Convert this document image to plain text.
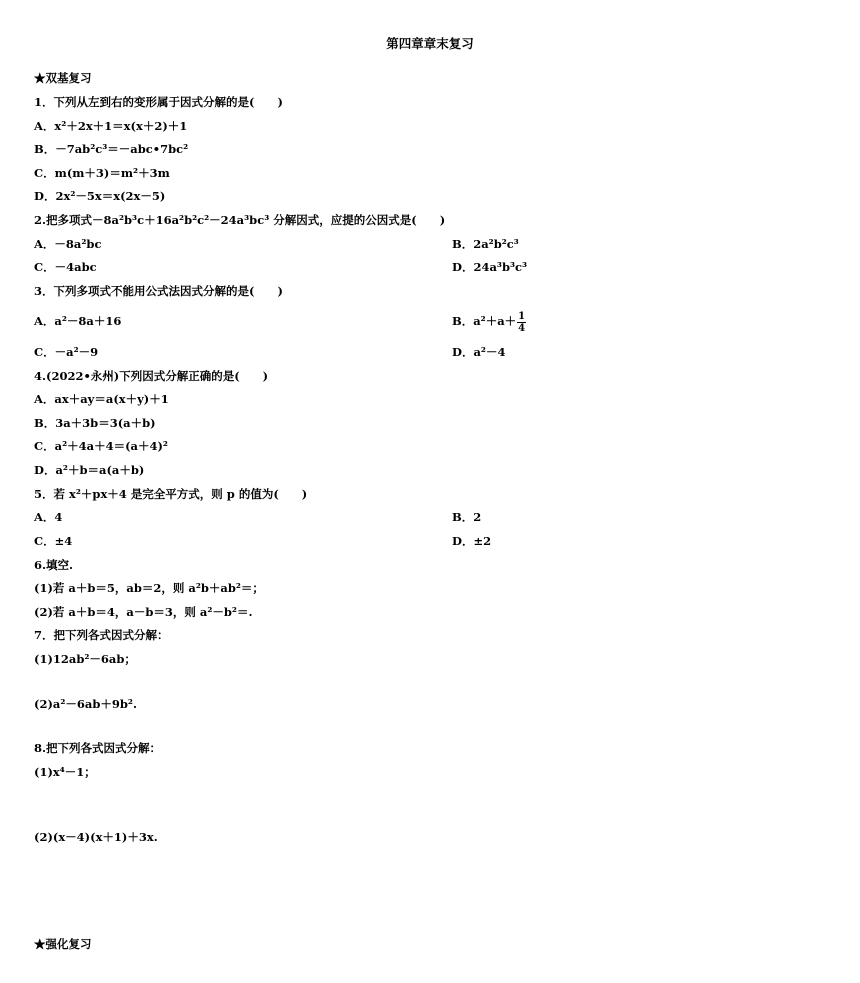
第四章章末复习
★双基复习
1．下列从左到右的变形属于因式分解的是(　　)
A．x²＋2x＋1＝x(x＋2)＋1
B．－7ab²c³＝－abc•7bc²
C．m(m＋3)＝m²＋3m
D．2x²－5x＝x(2x－5)
2.把多项式－8a²b³c＋16a²b²c²－24a³bc³ 分解因式，应提的公因式是(　　)
A．－8a²bc	B．2a²b²c³
C．－4abc	D．24a³b³c³
3．下列多项式不能用公式法因式分解的是(　　)
A．a²－8a＋16	B．$a^2+a+ \frac{1}{4}$
C．－a²－9	D．a²－4
4.(2022•永州)下列因式分解正确的是(　　)
A．ax＋ay＝a(x＋y)＋1
B．3a＋3b＝3(a＋b)
C．a²＋4a＋4＝(a＋4)²
D．a²＋b＝a(a＋b)
5．若 x²＋px＋4 是完全平方式，则 p 的值为(　　)
A．4	B．2
C．±4	D．±2
6.填空.
(1)若 a＋b＝5，ab＝2，则 a²b＋ab²＝；
(2)若 a＋b＝4，a－b＝3，则 a²－b²＝.
7．把下列各式因式分解：
(1)12ab²－6ab；
(2)a²－6ab＋9b².
8.把下列各式因式分解：
(1)x⁴－1；
(2)(x－4)(x＋1)＋3x.
★强化复习
